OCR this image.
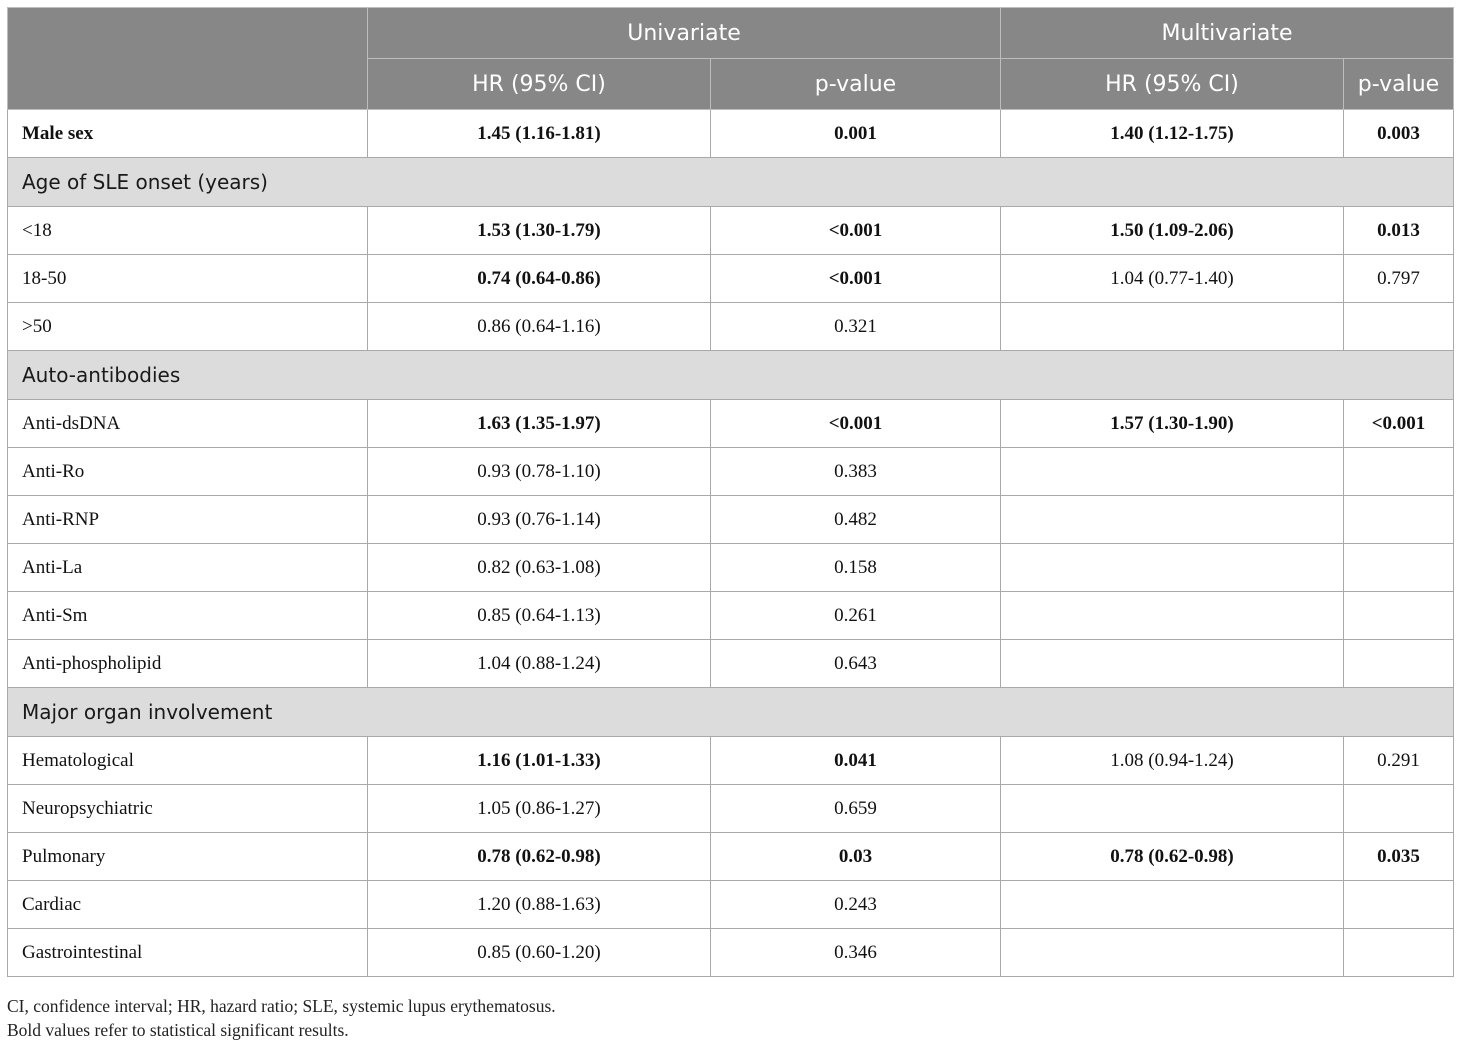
	Univariate		Multivariate	
	HR (95% CI)	p-value	HR (95% CI)	p-value
Male sex	1.45 (1.16-1.81)	0.001	1.40 (1.12-1.75)	0.003
Age of SLE onset (years)				
<18	1.53 (1.30-1.79)	<0.001	1.50 (1.09-2.06)	0.013
18-50	0.74 (0.64-0.86)	<0.001	1.04 (0.77-1.40)	0.797
>50	0.86 (0.64-1.16)	0.321		
Auto-antibodies				
Anti-dsDNA	1.63 (1.35-1.97)	<0.001	1.57 (1.30-1.90)	<0.001
Anti-Ro	0.93 (0.78-1.10)	0.383		
Anti-RNP	0.93 (0.76-1.14)	0.482		
Anti-La	0.82 (0.63-1.08)	0.158		
Anti-Sm	0.85 (0.64-1.13)	0.261		
Anti-phospholipid	1.04 (0.88-1.24)	0.643		
Major organ involvement				
Hematological	1.16 (1.01-1.33)	0.041	1.08 (0.94-1.24)	0.291
Neuropsychiatric	1.05 (0.86-1.27)	0.659		
Pulmonary	0.78 (0.62-0.98)	0.03	0.78 (0.62-0.98)	0.035
Cardiac	1.20 (0.88-1.63)	0.243		
Gastrointestinal	0.85 (0.60-1.20)	0.346		
CI, confidence interval; HR, hazard ratio; SLE, systemic lupus erythematosus.
Bold values refer to statistical significant results.
